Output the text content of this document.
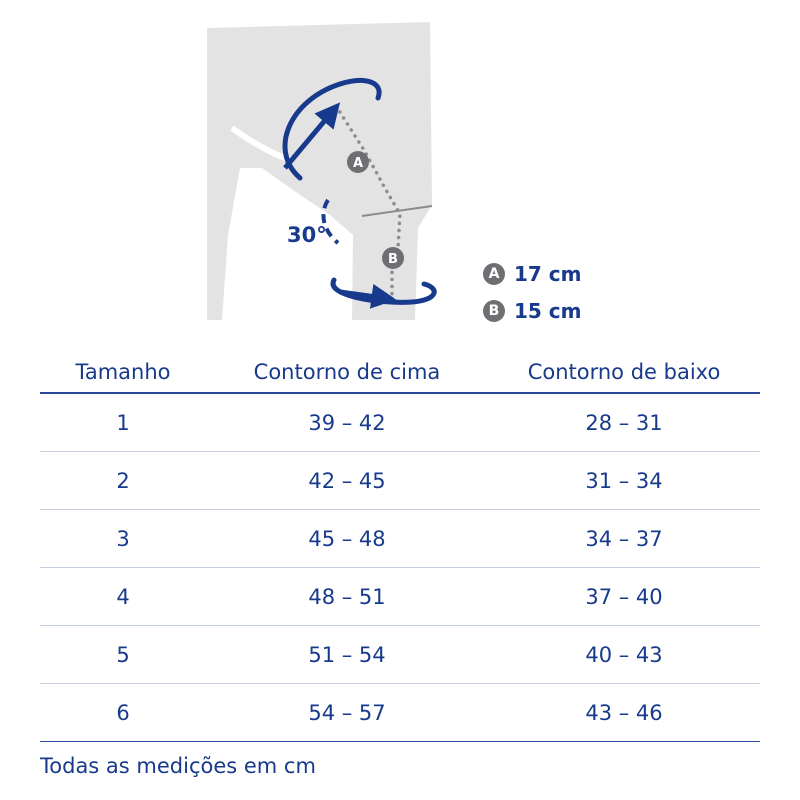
A
B
30°
A 17 cm
B 15 cm
Tamanho	Contorno de cima	Contorno de baixo
1	39 – 42	28 – 31
2	42 – 45	31 – 34
3	45 – 48	34 – 37
4	48 – 51	37 – 40
5	51 – 54	40 – 43
6	54 – 57	43 – 46
Todas as medições em cm
